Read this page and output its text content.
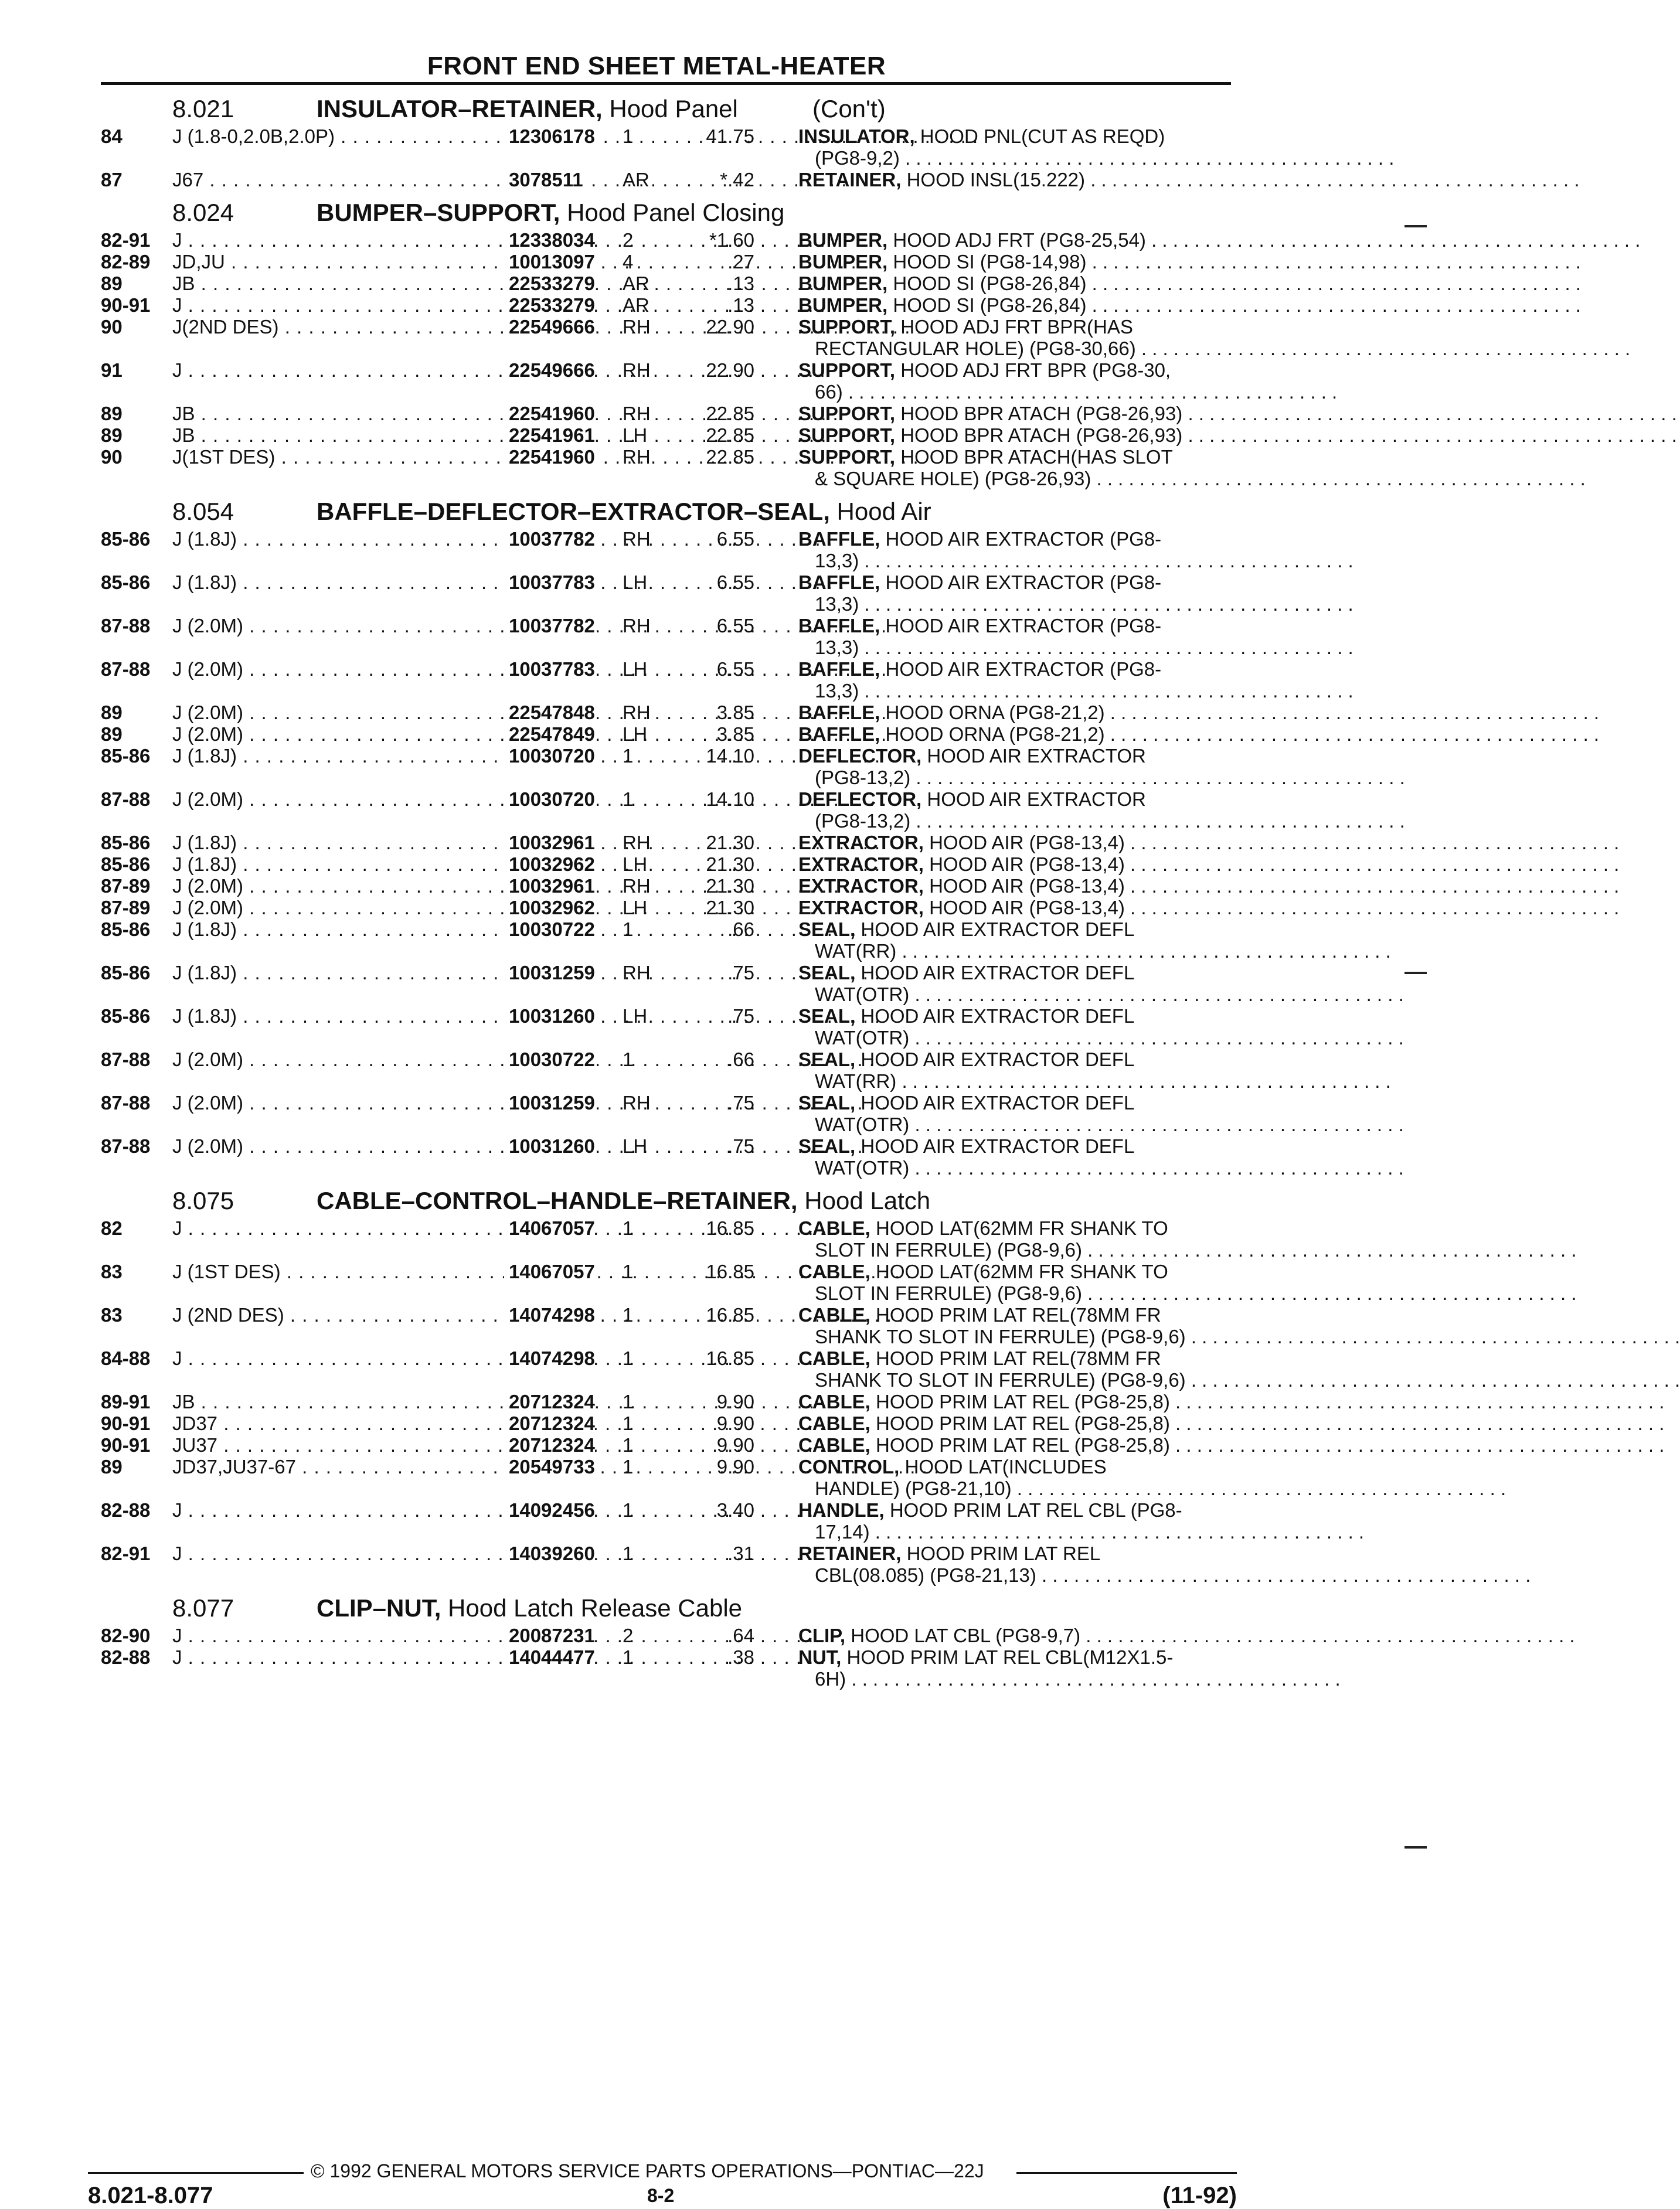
FRONT END SHEET METAL-HEATER
8.021	INSULATOR–RETAINER, Hood Panel	(Con't)
84	J (1.8-0,2.0B,2.0P) . . .	12306178 1	41.75 INSULATOR, HOOD PNL(CUT AS REQD)
(PG8-9,2) . . .
87	J67 . . .	3078511 AR	*.42 RETAINER, HOOD INSL(15.222) . . .
8.024	BUMPER–SUPPORT, Hood Panel Closing
82-91	J . . .	12338034 2	*1.60 BUMPER, HOOD ADJ FRT (PG8-25,54) . . .
82-89	JD,JU . . .	10013097 4	.27 BUMPER, HOOD SI (PG8-14,98) . . .
89	JB . . .	22533279 AR	.13 BUMPER, HOOD SI (PG8-26,84) . . .
90-91	J . . .	22533279 AR	.13 BUMPER, HOOD SI (PG8-26,84) . . .
90	J(2ND DES) . . .	22549666 RH	22.90 SUPPORT, HOOD ADJ FRT BPR(HAS
RECTANGULAR HOLE) (PG8-30,66) . . .
91	J . . .	22549666 RH	22.90 SUPPORT, HOOD ADJ FRT BPR (PG8-30,
66) . . .
89	JB . . .	22541960 RH	22.85 SUPPORT, HOOD BPR ATACH (PG8-26,93) . . .
89	JB . . .	22541961 LH	22.85 SUPPORT, HOOD BPR ATACH (PG8-26,93) . . .
90	J(1ST DES) . . .	22541960 RH	22.85 SUPPORT, HOOD BPR ATACH(HAS SLOT
& SQUARE HOLE) (PG8-26,93) . . .
8.054	BAFFLE–DEFLECTOR–EXTRACTOR–SEAL, Hood Air
85-86	J (1.8J) . . .	10037782 RH	6.55 BAFFLE, HOOD AIR EXTRACTOR (PG8-
13,3) . . .
85-86	J (1.8J) . . .	10037783 LH	6.55 BAFFLE, HOOD AIR EXTRACTOR (PG8-
13,3) . . .
87-88	J (2.0M) . . .	10037782 RH	6.55 BAFFLE, HOOD AIR EXTRACTOR (PG8-
13,3) . . .
87-88	J (2.0M) . . .	10037783 LH	6.55 BAFFLE, HOOD AIR EXTRACTOR (PG8-
13,3) . . .
89	J (2.0M) . . .	22547848 RH	3.85 BAFFLE, HOOD ORNA (PG8-21,2) . . .
89	J (2.0M) . . .	22547849 LH	3.85 BAFFLE, HOOD ORNA (PG8-21,2) . . .
85-86	J (1.8J) . . .	10030720 1	14.10 DEFLECTOR, HOOD AIR EXTRACTOR
(PG8-13,2) . . .
87-88	J (2.0M) . . .	10030720 1	14.10 DEFLECTOR, HOOD AIR EXTRACTOR
(PG8-13,2) . . .
85-86	J (1.8J) . . .	10032961 RH	21.30 EXTRACTOR, HOOD AIR (PG8-13,4) . . .
85-86	J (1.8J) . . .	10032962 LH	21.30 EXTRACTOR, HOOD AIR (PG8-13,4) . . .
87-89	J (2.0M) . . .	10032961 RH	21.30 EXTRACTOR, HOOD AIR (PG8-13,4) . . .
87-89	J (2.0M) . . .	10032962 LH	21.30 EXTRACTOR, HOOD AIR (PG8-13,4) . . .
85-86	J (1.8J) . . .	10030722 1	.66 SEAL, HOOD AIR EXTRACTOR DEFL
WAT(RR) . . .
85-86	J (1.8J) . . .	10031259 RH	.75 SEAL, HOOD AIR EXTRACTOR DEFL
WAT(OTR) . . .
85-86	J (1.8J) . . .	10031260 LH	.75 SEAL, HOOD AIR EXTRACTOR DEFL
WAT(OTR) . . .
87-88	J (2.0M) . . .	10030722 1	.66 SEAL, HOOD AIR EXTRACTOR DEFL
WAT(RR) . . .
87-88	J (2.0M) . . .	10031259 RH	.75 SEAL, HOOD AIR EXTRACTOR DEFL
WAT(OTR) . . .
87-88	J (2.0M) . . .	10031260 LH	.75 SEAL, HOOD AIR EXTRACTOR DEFL
WAT(OTR) . . .
8.075	CABLE–CONTROL–HANDLE–RETAINER, Hood Latch
82	J . . .	14067057 1	16.85 CABLE, HOOD LAT(62MM FR SHANK TO
SLOT IN FERRULE) (PG8-9,6) . . .
83	J (1ST DES) . . .	14067057 1	16.85 CABLE, HOOD LAT(62MM FR SHANK TO
SLOT IN FERRULE) (PG8-9,6) . . .
83	J (2ND DES) . . .	14074298 1	16.85 CABLE, HOOD PRIM LAT REL(78MM FR
SHANK TO SLOT IN FERRULE) (PG8-9,6) . . .
84-88	J . . .	14074298 1	16.85 CABLE, HOOD PRIM LAT REL(78MM FR
SHANK TO SLOT IN FERRULE) (PG8-9,6) . . .
89-91	JB . . .	20712324 1	9.90 CABLE, HOOD PRIM LAT REL (PG8-25,8) . . .
90-91	JD37 . . .	20712324 1	9.90 CABLE, HOOD PRIM LAT REL (PG8-25,8) . . .
90-91	JU37 . . .	20712324 1	9.90 CABLE, HOOD PRIM LAT REL (PG8-25,8) . . .
89	JD37,JU37-67 . . .	20549733 1	9.90 CONTROL, HOOD LAT(INCLUDES
HANDLE) (PG8-21,10) . . .
82-88	J . . .	14092456 1	3.40 HANDLE, HOOD PRIM LAT REL CBL (PG8-
17,14) . . .
82-91	J . . .	14039260 1	.31 RETAINER, HOOD PRIM LAT REL
CBL(08.085) (PG8-21,13) . . .
8.077	CLIP–NUT, Hood Latch Release Cable
82-90	J . . .	20087231 2	.64 CLIP, HOOD LAT CBL (PG8-9,7) . . .
82-88	J . . .	14044477 1	.38 NUT, HOOD PRIM LAT REL CBL(M12X1.5-
6H) . . .
© 1992 GENERAL MOTORS SERVICE PARTS OPERATIONS—PONTIAC—22J
8.021-8.077	8-2	(11-92)
